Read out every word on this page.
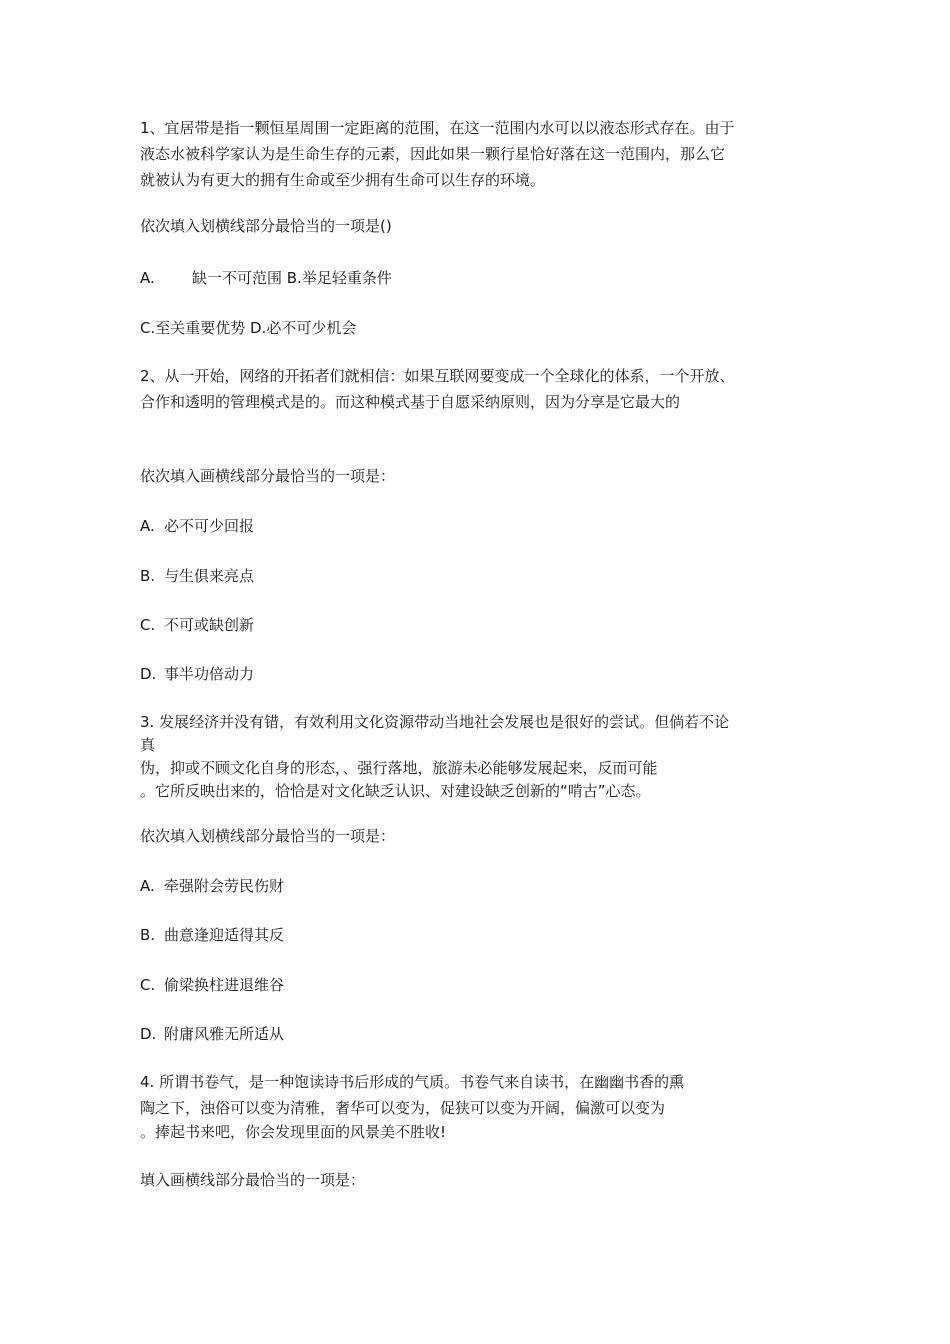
1、宜居带是指一颗恒星周围一定距离的范围，在这一范围内水可以以液态形式存在。由于
液态水被科学家认为是生命生存的元素，因此如果一颗行星恰好落在这一范围内，那么它
就被认为有更大的拥有生命或至少拥有生命可以生存的环境。
依次填入划横线部分最恰当的一项是()
A. 缺一不可范围 B.举足轻重条件
C.至关重要优势 D.必不可少机会
2、从一开始，网络的开拓者们就相信：如果互联网要变成一个全球化的体系，一个开放、
合作和透明的管理模式是的。而这种模式基于自愿采纳原则，因为分享是它最大的
依次填入画横线部分最恰当的一项是：
A. 必不可少回报
B. 与生俱来亮点
C. 不可或缺创新
D. 事半功倍动力
3. 发展经济并没有错，有效利用文化资源带动当地社会发展也是很好的尝试。但倘若不论
真
伪，抑或不顾文化自身的形态，、强行落地，旅游未必能够发展起来，反而可能
。它所反映出来的，恰恰是对文化缺乏认识、对建设缺乏创新的“啃古”心态。
依次填入划横线部分最恰当的一项是：
A. 牵强附会劳民伤财
B. 曲意逢迎适得其反
C. 偷梁换柱进退维谷
D. 附庸风雅无所适从
4. 所谓书卷气，是一种饱读诗书后形成的气质。书卷气来自读书，在幽幽书香的熏
陶之下，浊俗可以变为清雅，奢华可以变为，促狭可以变为开阔，偏激可以变为
。捧起书来吧，你会发现里面的风景美不胜收!
填入画横线部分最恰当的一项是：
